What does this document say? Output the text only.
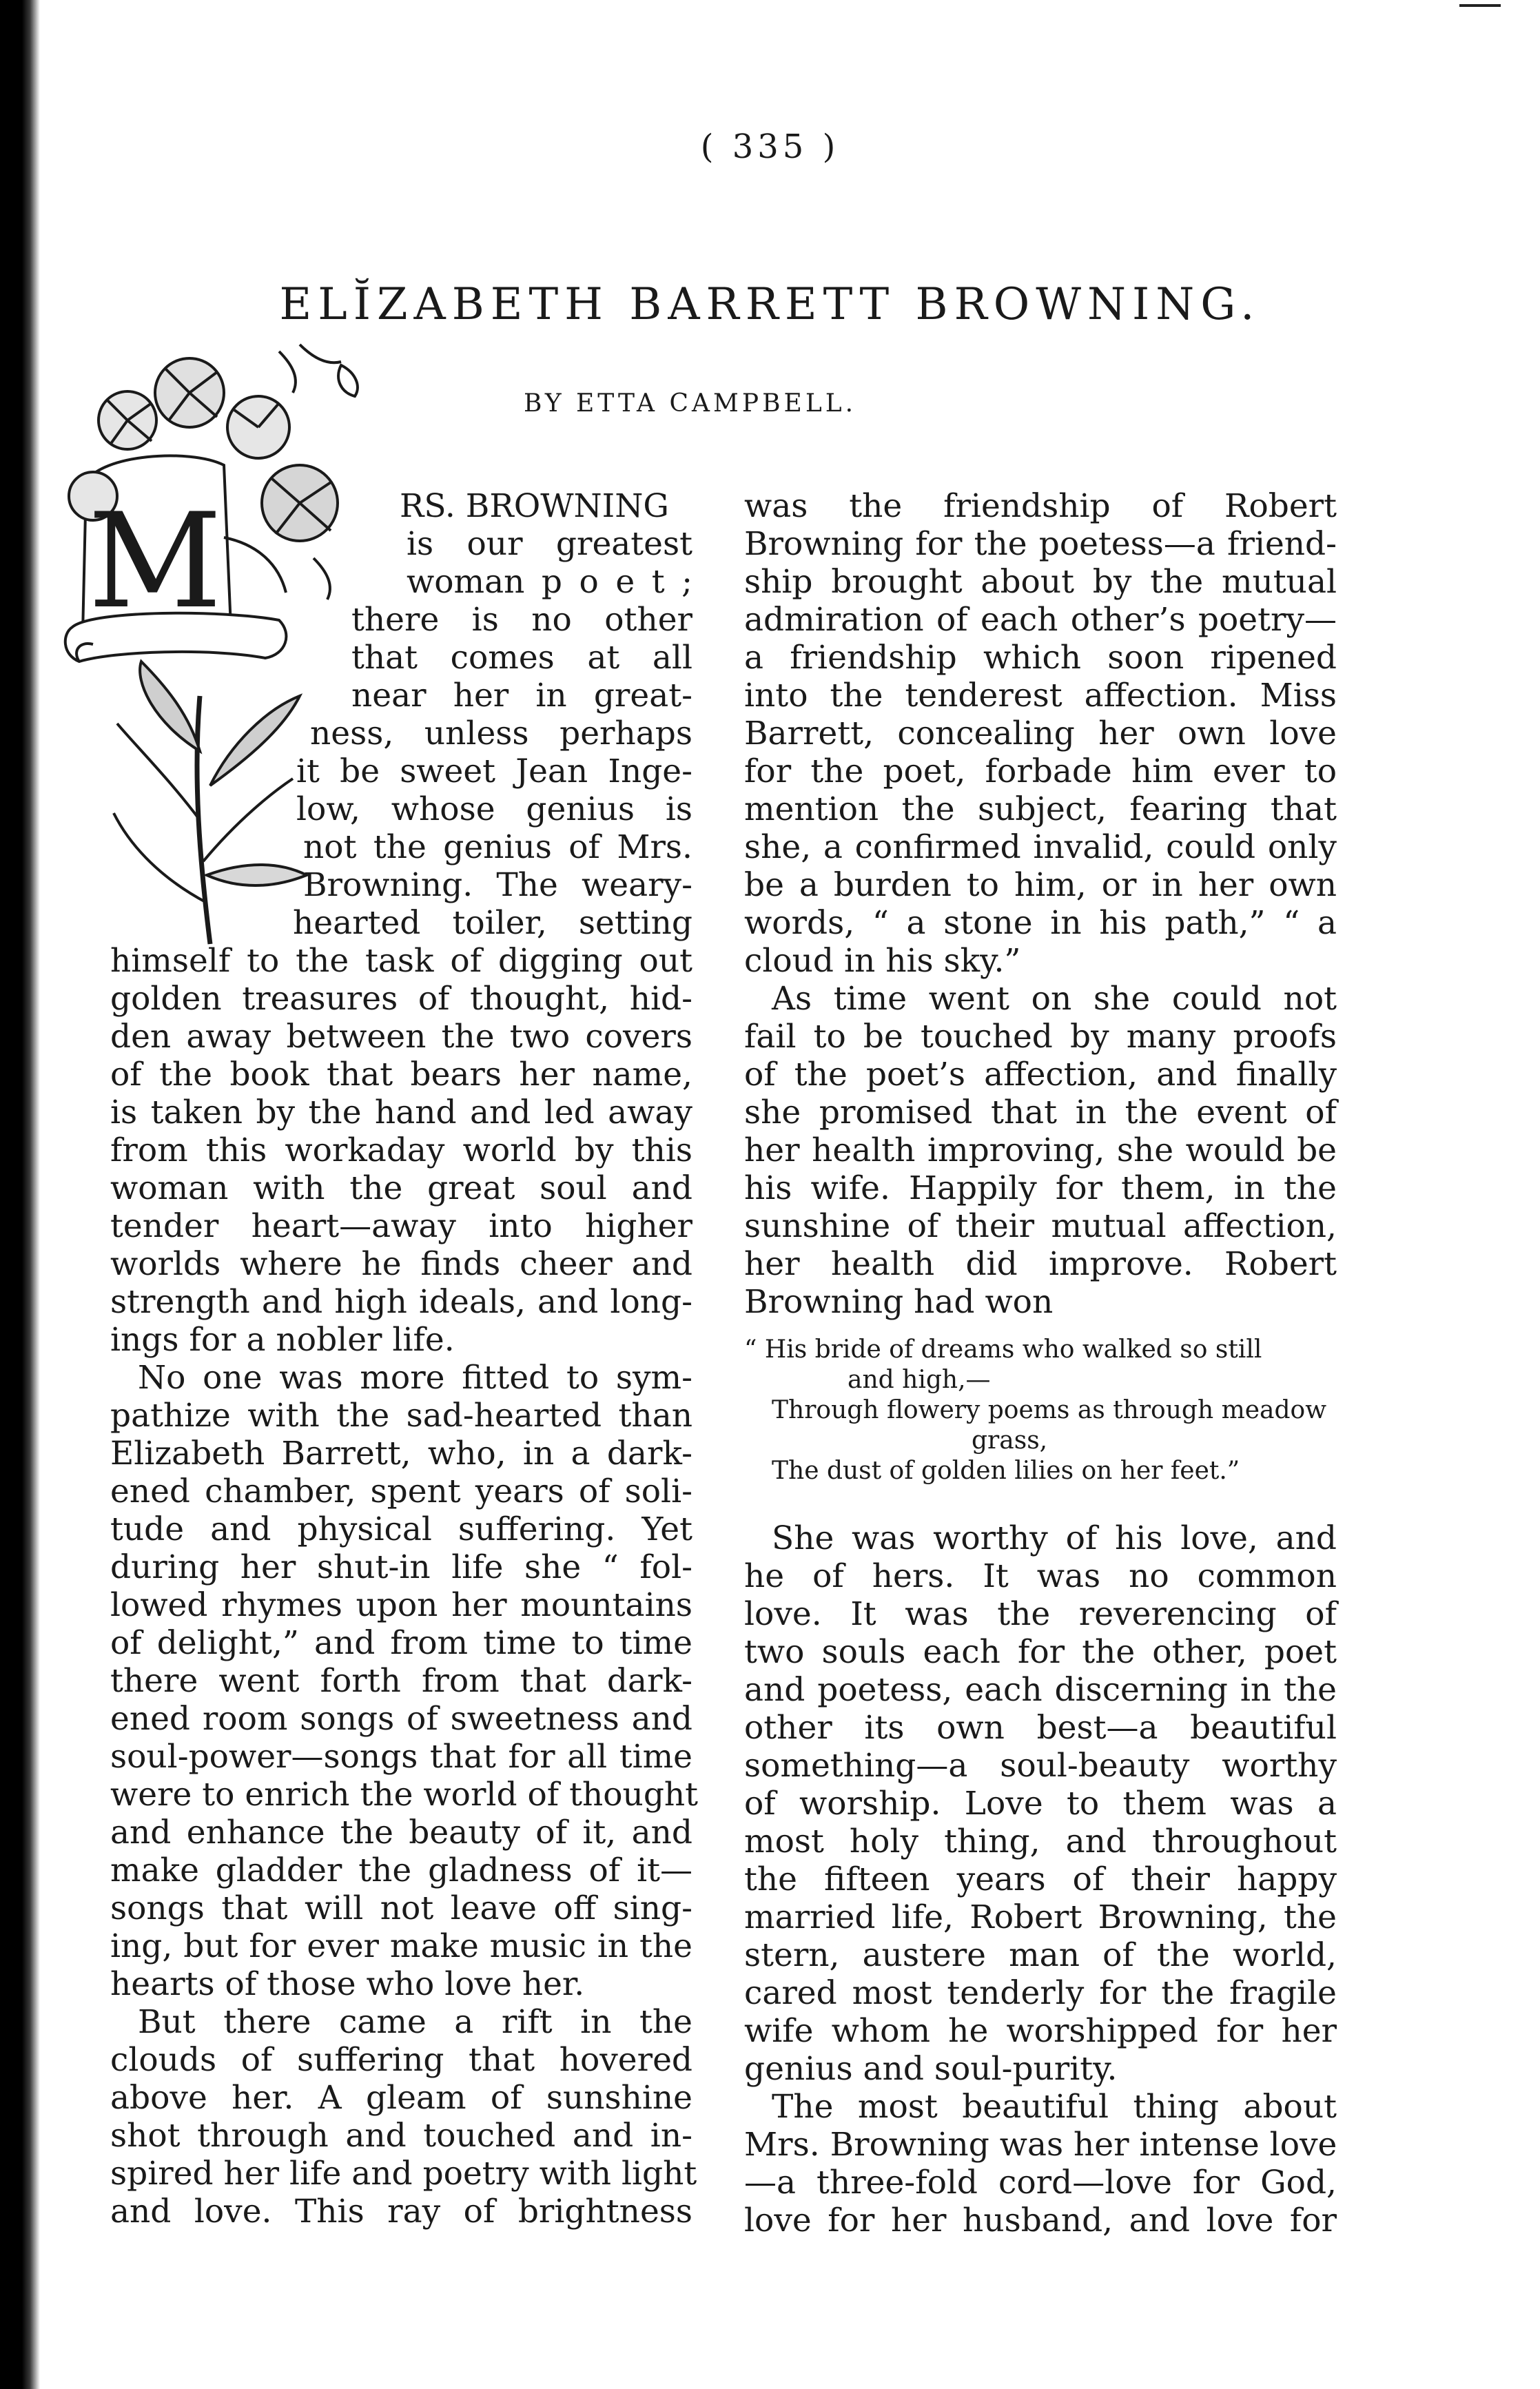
( 335 )
ELĬZABETH BARRETT BROWNING.
BY ETTA CAMPBELL.
M	RS. BROWNING
is our greatest
woman p o e t ;
there is no other
that comes at all
near her in great-
ness, unless perhaps
it be sweet Jean Inge-
low, whose genius is
not the genius of Mrs.
Browning. The weary-
hearted toiler, setting
himself to the task of digging out
golden treasures of thought, hid-
den away between the two covers
of the book that bears her name,
is taken by the hand and led away
from this workaday world by this
woman with the great soul and
tender heart—away into higher
worlds where he finds cheer and
strength and high ideals, and long-
ings for a nobler life.
No one was more fitted to sym-
pathize with the sad-hearted than
Elizabeth Barrett, who, in a dark-
ened chamber, spent years of soli-
tude and physical suffering. Yet
during her shut-in life she “ fol-
lowed rhymes upon her mountains
of delight,” and from time to time
there went forth from that dark-
ened room songs of sweetness and
soul-power—songs that for all time
were to enrich the world of thought
and enhance the beauty of it, and
make gladder the gladness of it—
songs that will not leave off sing-
ing, but for ever make music in the
hearts of those who love her.
But there came a rift in the
clouds of suffering that hovered
above her. A gleam of sunshine
shot through and touched and in-
spired her life and poetry with light
and love. This ray of brightness
was the friendship of Robert
Browning for the poetess—a friend-
ship brought about by the mutual
admiration of each other’s poetry—
a friendship which soon ripened
into the tenderest affection. Miss
Barrett, concealing her own love
for the poet, forbade him ever to
mention the subject, fearing that
she, a confirmed invalid, could only
be a burden to him, or in her own
words, “ a stone in his path,” “ a
cloud in his sky.”
As time went on she could not
fail to be touched by many proofs
of the poet’s affection, and finally
she promised that in the event of
her health improving, she would be
his wife. Happily for them, in the
sunshine of their mutual affection,
her health did improve. Robert
Browning had won
“ His bride of dreams who walked so still
and high,—
Through flowery poems as through meadow
grass,
The dust of golden lilies on her feet.”
She was worthy of his love, and
he of hers. It was no common
love. It was the reverencing of
two souls each for the other, poet
and poetess, each discerning in the
other its own best—a beautiful
something—a soul-beauty worthy
of worship. Love to them was a
most holy thing, and throughout
the fifteen years of their happy
married life, Robert Browning, the
stern, austere man of the world,
cared most tenderly for the fragile
wife whom he worshipped for her
genius and soul-purity.
The most beautiful thing about
Mrs. Browning was her intense love
—a three-fold cord—love for God,
love for her husband, and love for
